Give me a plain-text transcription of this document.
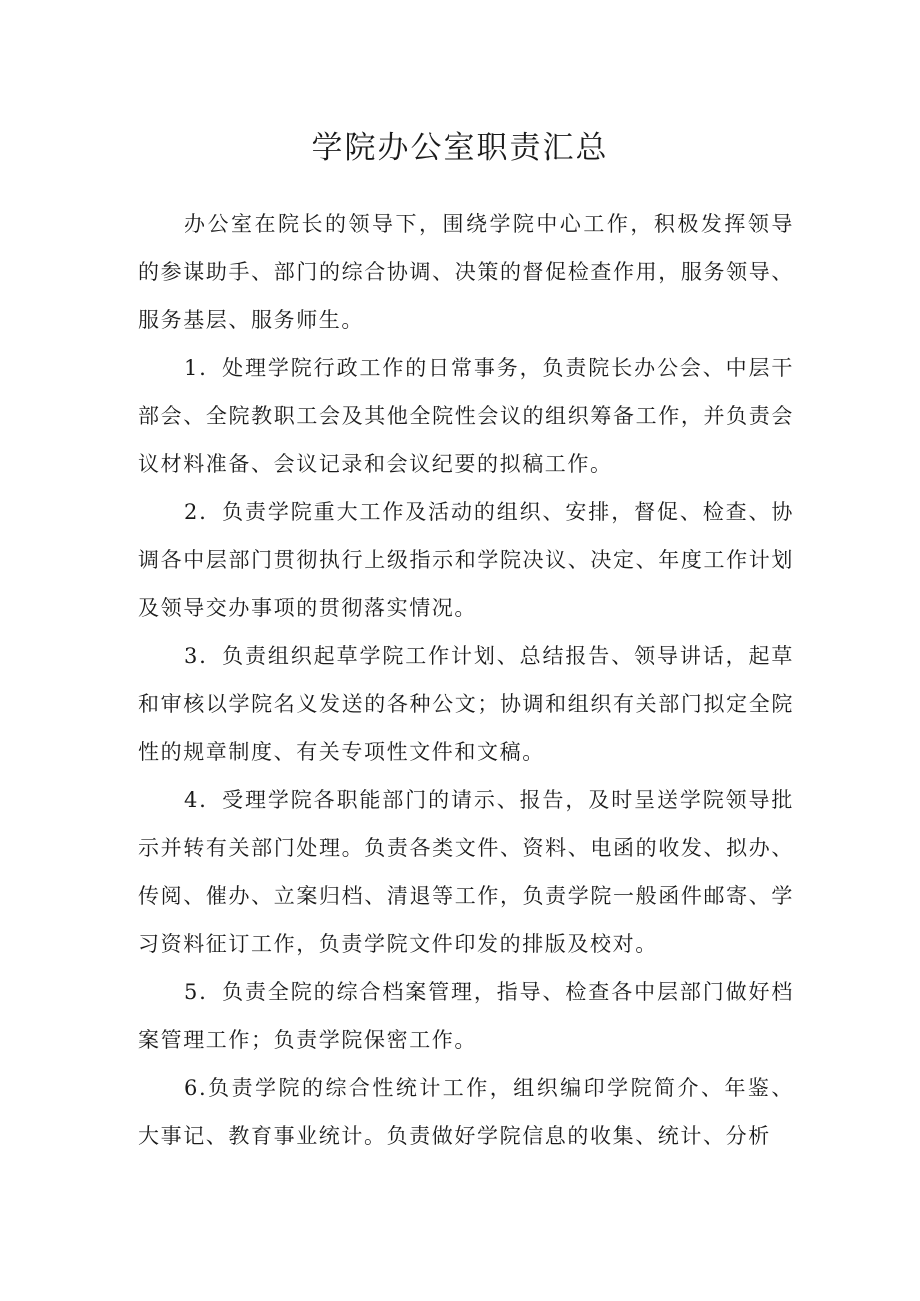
学院办公室职责汇总

办公室在院长的领导下，围绕学院中心工作，积极发挥领导的参谋助手、部门的综合协调、决策的督促检查作用，服务领导、服务基层、服务师生。

1．处理学院行政工作的日常事务，负责院长办公会、中层干部会、全院教职工会及其他全院性会议的组织筹备工作，并负责会议材料准备、会议记录和会议纪要的拟稿工作。

2．负责学院重大工作及活动的组织、安排，督促、检查、协调各中层部门贯彻执行上级指示和学院决议、决定、年度工作计划及领导交办事项的贯彻落实情况。

3．负责组织起草学院工作计划、总结报告、领导讲话，起草和审核以学院名义发送的各种公文；协调和组织有关部门拟定全院性的规章制度、有关专项性文件和文稿。

4．受理学院各职能部门的请示、报告，及时呈送学院领导批示并转有关部门处理。负责各类文件、资料、电函的收发、拟办、传阅、催办、立案归档、清退等工作，负责学院一般函件邮寄、学习资料征订工作，负责学院文件印发的排版及校对。

5．负责全院的综合档案管理，指导、检查各中层部门做好档案管理工作；负责学院保密工作。

6.负责学院的综合性统计工作，组织编印学院简介、年鉴、大事记、教育事业统计。负责做好学院信息的收集、统计、分析
